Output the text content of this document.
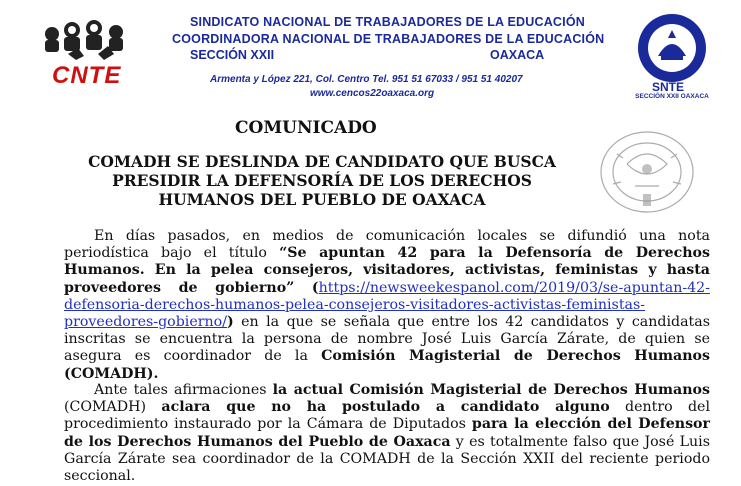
CNTE
SINDICATO NACIONAL DE TRABAJADORES DE LA EDUCACIÓN
COORDINADORA NACIONAL DE TRABAJADORES DE LA EDUCACIÓN
SECCIÓN XXII	OAXACA
Armenta y López 221, Col. Centro Tel. 951 51 67033 / 951 51 40207
www.cencos22oaxaca.org	SNTE
SECCIÓN XXII OAXACA
COMUNICADO
COMADH SE DESLINDA DE CANDIDATO QUE BUSCA
PRESIDIR LA DEFENSORÍA DE LOS DERECHOS
HUMANOS DEL PUEBLO DE OAXACA
En días pasados, en medios de comunicación locales se difundió una nota periodística bajo el título “Se apuntan 42 para la Defensoría de Derechos Humanos. En la pelea consejeros, visitadores, activistas, feministas y hasta proveedores de gobierno” (https://newsweekespanol.com/2019/03/se-apuntan-42-defensoria-derechos-humanos-pelea-consejeros-visitadores-activistas-feministas-proveedores-gobierno/) en la que se señala que entre los 42 candidatos y candidatas inscritas se encuentra la persona de nombre José Luis García Zárate, de quien se asegura es coordinador de la Comisión Magisterial de Derechos Humanos (COMADH).
Ante tales afirmaciones la actual Comisión Magisterial de Derechos Humanos (COMADH) aclara que no ha postulado a candidato alguno dentro del procedimiento instaurado por la Cámara de Diputados para la elección del Defensor de los Derechos Humanos del Pueblo de Oaxaca y es totalmente falso que José Luis García Zárate sea coordinador de la COMADH de la Sección XXII del reciente periodo seccional.
